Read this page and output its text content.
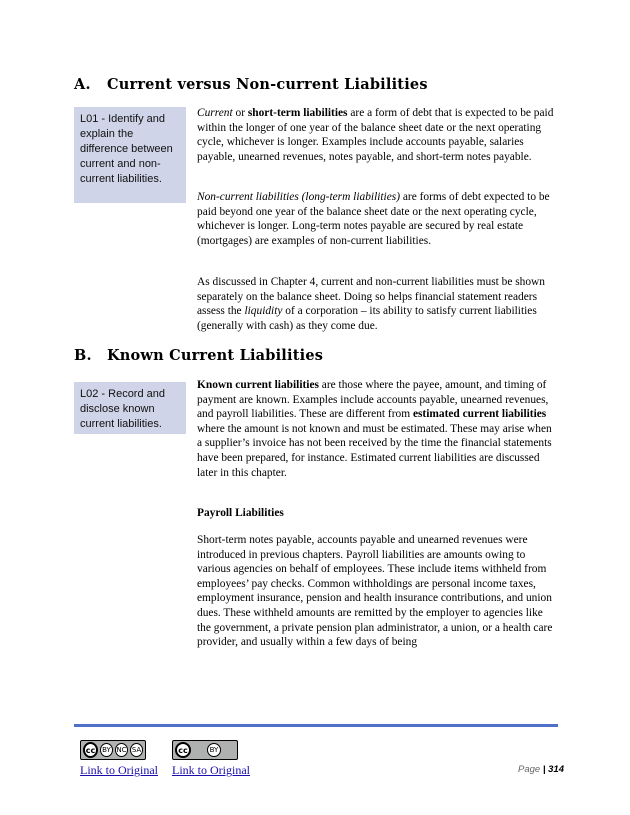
A. Current versus Non-current Liabilities
L01 - Identify and explain the difference between current and non-current liabilities.

Current or short-term liabilities are a form of debt that is expected to be paid within the longer of one year of the balance sheet date or the next operating cycle, whichever is longer. Examples include accounts payable, salaries payable, unearned revenues, notes payable, and short-term notes payable.

Non-current liabilities (long-term liabilities) are forms of debt expected to be paid beyond one year of the balance sheet date or the next operating cycle, whichever is longer. Long-term notes payable are secured by real estate (mortgages) are examples of non-current liabilities.

As discussed in Chapter 4, current and non-current liabilities must be shown separately on the balance sheet. Doing so helps financial statement readers assess the liquidity of a corporation – its ability to satisfy current liabilities (generally with cash) as they come due.

B. Known Current Liabilities
L02 - Record and disclose known current liabilities.

Known current liabilities are those where the payee, amount, and timing of payment are known. Examples include accounts payable, unearned revenues, and payroll liabilities. These are different from estimated current liabilities where the amount is not known and must be estimated. These may arise when a supplier’s invoice has not been received by the time the financial statements have been prepared, for instance. Estimated current liabilities are discussed later in this chapter.

Payroll Liabilities

Short-term notes payable, accounts payable and unearned revenues were introduced in previous chapters. Payroll liabilities are amounts owing to various agencies on behalf of employees. These include items withheld from employees’ pay checks. Common withholdings are personal income taxes, employment insurance, pension and health insurance contributions, and union dues. These withheld amounts are remitted by the employer to agencies like the government, a private pension plan administrator, a union, or a health care provider, and usually within a few days of being

cc BY NC SA	cc	BY
Link to Original Link to Original	Page | 314
